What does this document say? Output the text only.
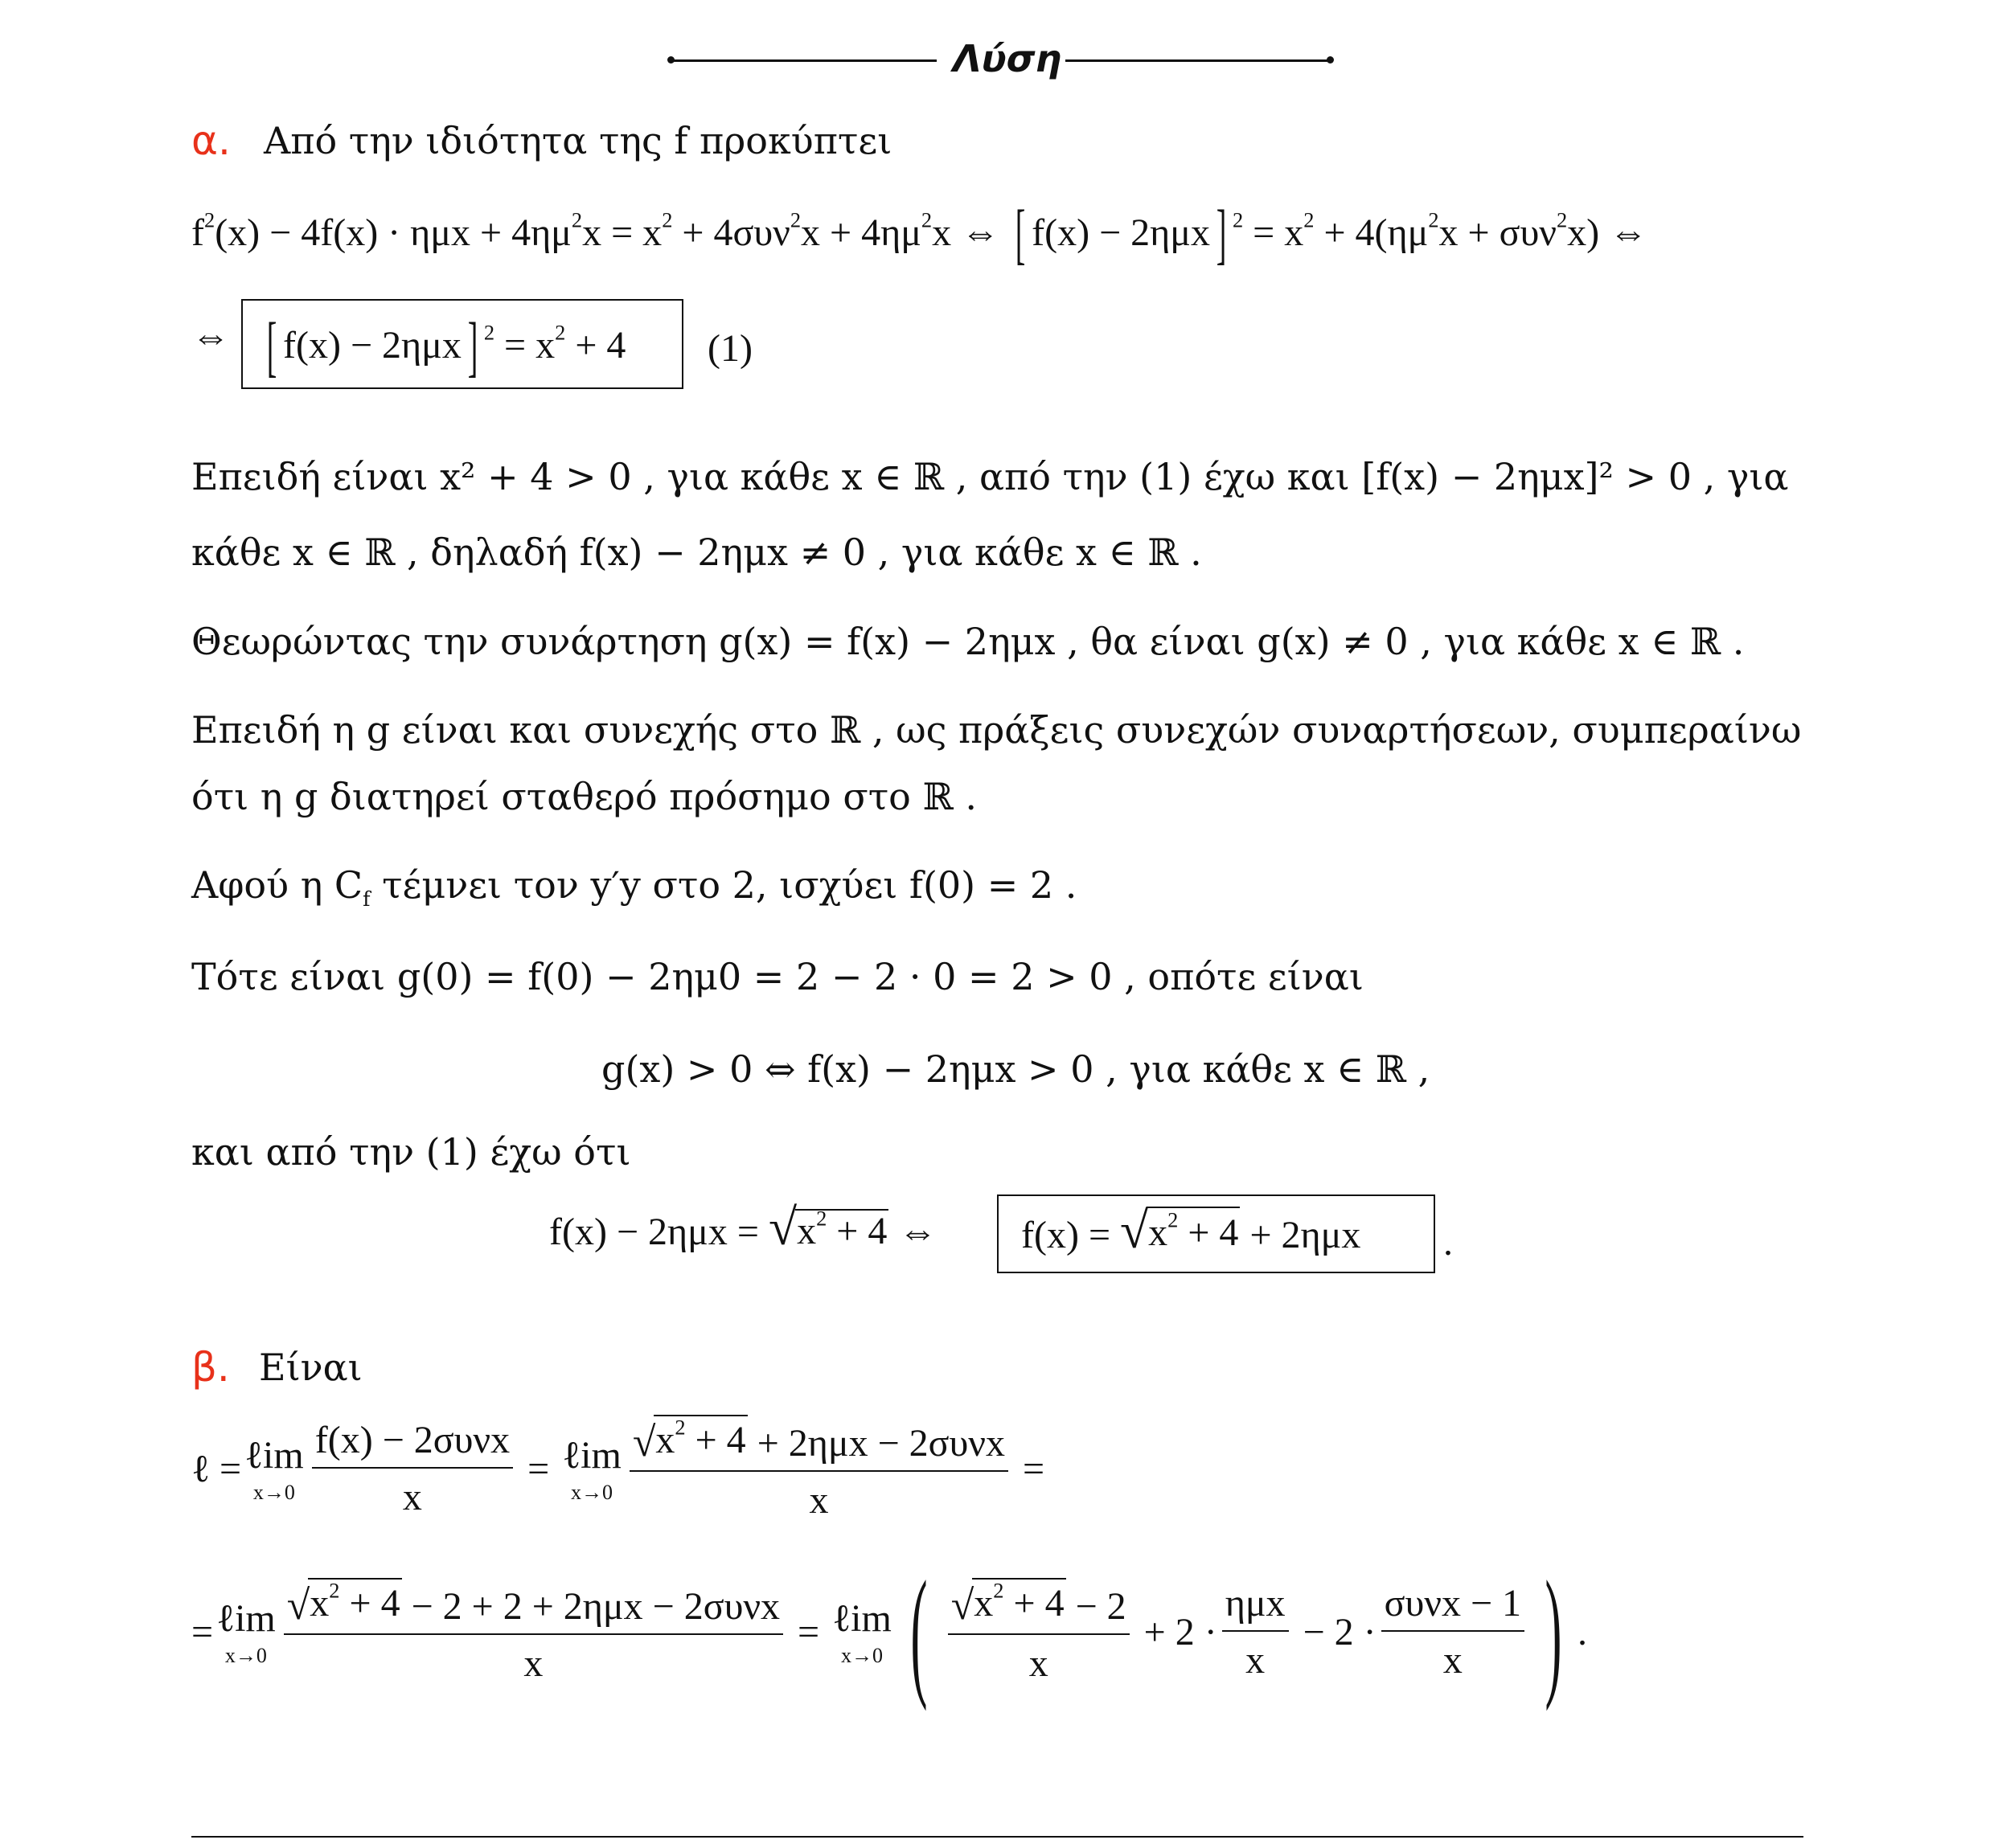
Λύση
α. Από την ιδιότητα της f προκύπτει
$f^2(x) - 4f(x) \cdot \eta\mu x + 4\eta\mu^2x = x^2 + 4\sigma\upsilon\nu^2x + 4\eta\mu^2x$ ⇔ [ f(x) − 2ημx] $^2 = x^2 + 4(\eta\mu^2x + \sigma\upsilon\nu^2x)$ ⇔
⇔ [ f(x) − 2ημx] $^2 = x^2 + 4$	(1)
Επειδή είναι x² + 4 > 0 , για κάθε x ∈ ℝ , από την (1) έχω και [f(x) − 2ημx]² > 0 , για
κάθε x ∈ ℝ , δηλαδή f(x) − 2ημx ≠ 0 , για κάθε x ∈ ℝ .
Θεωρώντας την συνάρτηση g(x) = f(x) − 2ημx , θα είναι g(x) ≠ 0 , για κάθε x ∈ ℝ .
Επειδή η g είναι και συνεχής στο ℝ , ως πράξεις συνεχών συναρτήσεων, συμπεραίνω
ότι η g διατηρεί σταθερό πρόσημο στο ℝ .
Αφού η $C_f$ τέμνει τον y′y στο 2, ισχύει f(0) = 2 .
Τότε είναι g(0) = f(0) − 2ημ0 = 2 − 2 · 0 = 2 > 0 , οπότε είναι
g(x) > 0 ⇔ f(x) − 2ημx > 0 , για κάθε x ∈ ℝ ,
και από την (1) έχω ότι
f(x) − 2ημx = √ $x^2 + 4$ ⇔	f(x) = √ $x^2 + 4 + 2\eta\mu x$	.
β. Είναι
ℓ = ℓim
$x\to 0 \frac{\text{f(x) − 2συνx}}{x}$ = ℓim
$x\to 0 \frac{√ x^2 + 4 + 2\eta\mu x - 2\sigma\upsilon\nu x}{x}$ =
= ℓim
$x\to 0 \frac{√ x^2 + 4 - 2 + 2 + 2\eta\mu x - 2\sigma\upsilon\nu x}{x}$ = ℓim
x→0 ( $\frac{√ x^2 + 4 - 2}{x} + 2 \cdot \frac{\text{ημx}}{x} - 2 \cdot \frac{\text{συνx − 1}}{x}$ ) .
